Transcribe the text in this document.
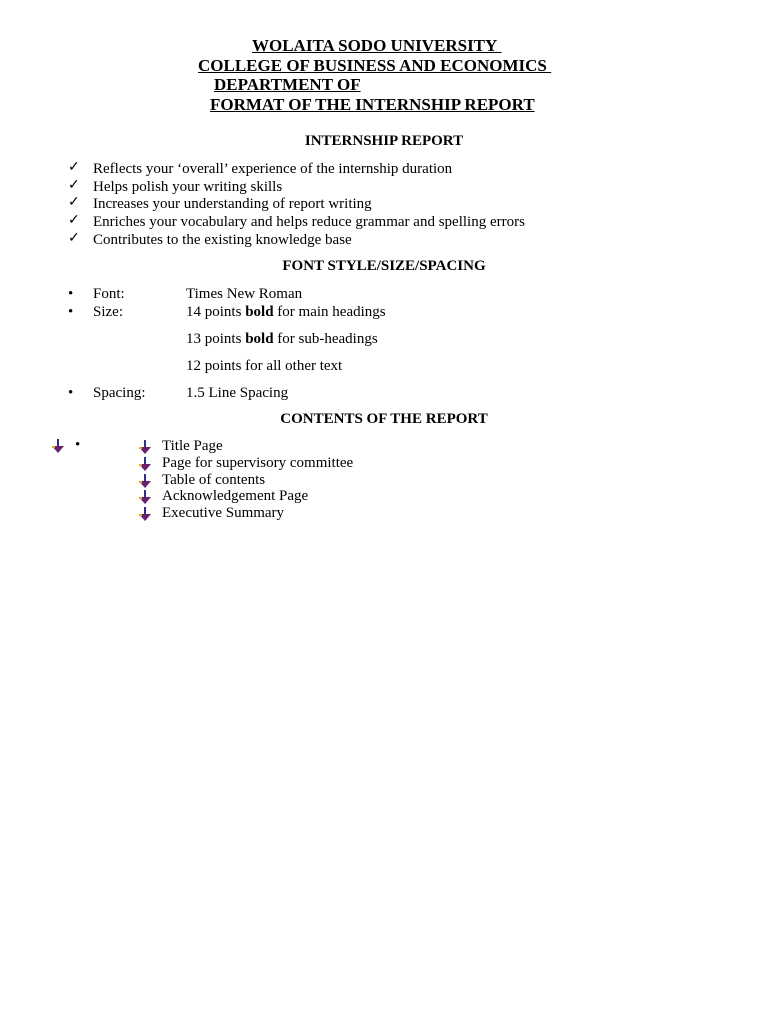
WOLAITA SODO UNIVERSITY
COLLEGE OF BUSINESS AND ECONOMICS
DEPARTMENT OF
FORMAT OF THE INTERNSHIP REPORT
INTERNSHIP REPORT
✓ Reflects your ‘overall’ experience of the internship duration
✓ Helps polish your writing skills
✓ Increases your understanding of report writing
✓ Enriches your vocabulary and helps reduce grammar and spelling errors
✓ Contributes to the existing knowledge base
FONT STYLE/SIZE/SPACING
• Font:	Times New Roman
• Size:	14 points bold for main headings
13 points bold for sub-headings
12 points for all other text
• Spacing:	1.5 Line Spacing
CONTENTS OF THE REPORT
•	Title Page
Page for supervisory committee
Table of contents
Acknowledgement Page
Executive Summary
